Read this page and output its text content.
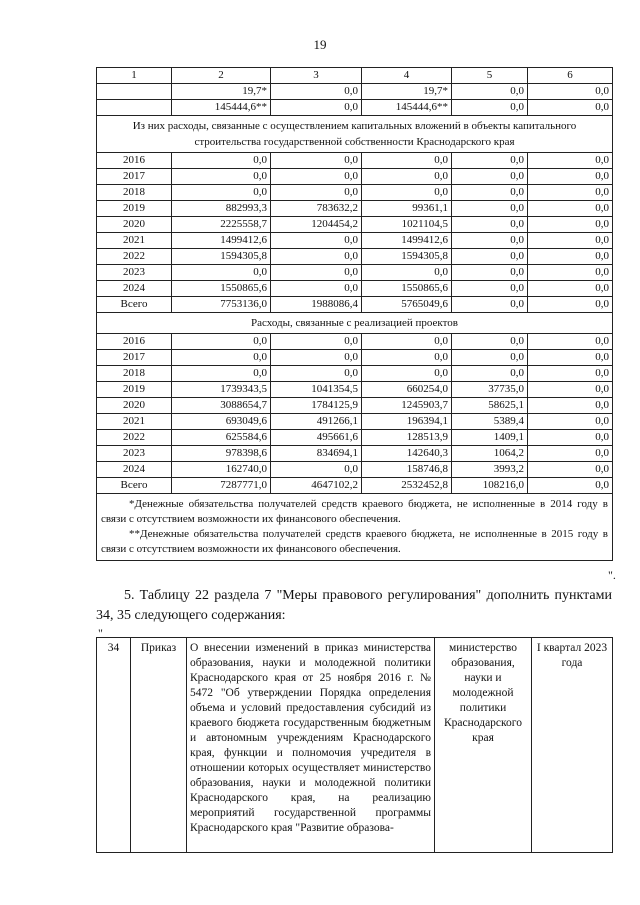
19
1	2	3	4	5	6
	19,7*	0,0	19,7*	0,0	0,0
	145444,6**	0,0	145444,6**	0,0	0,0
Из них расходы, связанные с осуществлением капитальных вложений в объекты капитального строительства государственной собственности Краснодарского края					
2016	0,0	0,0	0,0	0,0	0,0
2017	0,0	0,0	0,0	0,0	0,0
2018	0,0	0,0	0,0	0,0	0,0
2019	882993,3	783632,2	99361,1	0,0	0,0
2020	2225558,7	1204454,2	1021104,5	0,0	0,0
2021	1499412,6	0,0	1499412,6	0,0	0,0
2022	1594305,8	0,0	1594305,8	0,0	0,0
2023	0,0	0,0	0,0	0,0	0,0
2024	1550865,6	0,0	1550865,6	0,0	0,0
Всего	7753136,0	1988086,4	5765049,6	0,0	0,0
Расходы, связанные с реализацией проектов					
2016	0,0	0,0	0,0	0,0	0,0
2017	0,0	0,0	0,0	0,0	0,0
2018	0,0	0,0	0,0	0,0	0,0
2019	1739343,5	1041354,5	660254,0	37735,0	0,0
2020	3088654,7	1784125,9	1245903,7	58625,1	0,0
2021	693049,6	491266,1	196394,1	5389,4	0,0
2022	625584,6	495661,6	128513,9	1409,1	0,0
2023	978398,6	834694,1	142640,3	1064,2	0,0
2024	162740,0	0,0	158746,8	3993,2	0,0
Всего	7287771,0	4647102,2	2532452,8	108216,0	0,0

*Денежные обязательства получателей средств краевого бюджета, не исполненные в 2014 году в связи с отсутствием возможности их финансового обеспечения.

**Денежные обязательства получателей средств краевого бюджета, не исполненные в 2015 году в связи с отсутствием возможности их финансового обеспечения.					

".

5. Таблицу 22 раздела 7 "Меры правового регулирования" дополнить пунктами 34, 35 следующего содержания:

"
34	Приказ	О внесении изменений в приказ министерства образования, науки и молодежной политики Краснодарского края от 25 ноября 2016 г. № 5472 "Об утверждении Порядка определения объема и условий предоставления субсидий из краевого бюджета государственным бюджетным и автономным учреждениям Краснодарского края, функции и полномочия учредителя в отношении которых осуществляет министерство образования, науки и молодежной политики Краснодарского края, на реализацию мероприятий государственной программы Краснодарского края "Развитие образова-	министерство образования, науки и молодежной политики Краснодарского края	I квартал 2023 года
